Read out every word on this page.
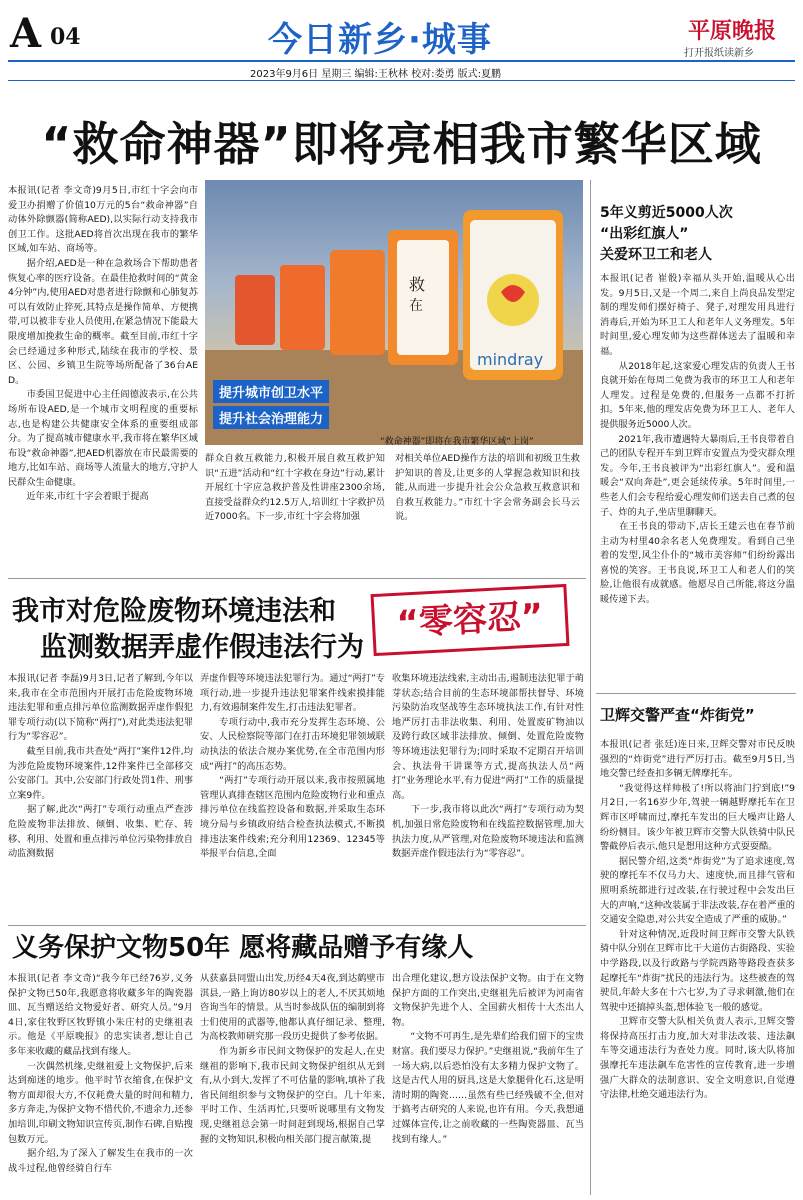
A 04	今日新乡·城事	平原晚报
打开报纸读新乡
2023年9月6日 星期三 编辑:王秋林 校对:娄勇 版式:夏鹏
“救命神器”即将亮相我市繁华区域
mindray
救
在
提升城市创卫水平
提升社会治理能力
“救命神器”即将在我市繁华区域“上岗”
本报讯(记者 李文奇)9月5日,市红十字会向市爱卫办捐赠了价值10万元的5台“救命神器”自动体外除颤器(简称AED),以实际行动支持我市创卫工作。这批AED将首次出现在我市的繁华区域,如车站、商场等。
　　据介绍,AED是一种在急救场合下帮助患者恢复心率的医疗设备。在最佳抢救时间的“黄金4分钟”内,使用AED对患者进行除颤和心肺复苏可以有效防止猝死,其特点是操作简单、方便携带,可以被非专业人员使用,在紧急情况下能最大限度增加挽救生命的概率。截至目前,市红十字会已经通过多种形式,陆续在我市的学校、景区、公园、乡镇卫生院等场所配备了36台AED。
　　市委国卫促进中心主任阎德波表示,在公共场所布设AED,是一个城市文明程度的重要标志,也是构建公共健康安全体系的重要组成部分。为了提高城市健康水平,我市将在繁华区域布设“救命神器”,把AED机器放在市民最需要的地方,比如车站、商场等人流量大的地方,守护人民群众生命健康。
　　近年来,市红十字会着眼于提高
群众自救互救能力,积极开展自救互救护知识“五进”活动和“红十字救在身边”行动,累计开展红十字应急救护普及性讲座2300余场,直接受益群众约12.5万人,培训红十字救护员近7000名。下一步,市红十字会将加强
对相关单位AED操作方法的培训和初级卫生救护知识的普及,让更多的人掌握急救知识和技能,从而进一步提升社会公众急救互救意识和自救互救能力。”市红十字会常务副会长马云说。
5年义剪近5000人次
“出彩红旗人”
关爱环卫工和老人
本报讯(记者 崔骰)幸福从头开始,温暖从心出发。9月5日,又是一个周二,来自上尚良品发型定制的理发师们摆好椅子、凳子,对理发用具进行消毒后,开始为环卫工人和老年人义务理发。5年时间里,爱心理发师为这些群体送去了温暖和幸福。
　　从2018年起,这家爱心理发店的负责人王书良就开始在每周二免费为我市的环卫工人和老年人理发。过程是免费的,但服务一点都不打折扣。5年来,他的理发店免费为环卫工人、老年人提供服务近5000人次。
　　2021年,我市遭遇特大暴雨后,王书良带着自己的团队专程开车到卫辉市安置点为受灾群众理发。今年,王书良被评为“出彩红旗人”。爱和温暖会“双向奔赴”,更会延续传承。5年时间里,一些老人们会专程给爱心理发师们送去自己煮的包子、炸的丸子,坐店里聊聊天。
　　在王书良的带动下,店长王建云也在春节前主动为村里40余名老人免费理发。看到自己坐着的发型,风尘仆仆的“城市美容师”们纷纷露出喜悦的笑容。王书良说,环卫工人和老人们的笑脸,让他很有成就感。他愿尽自己所能,将这分温暖传递下去。
我市对危险废物环境违法和
监测数据弄虚作假违法行为
“零容忍”
本报讯(记者 李磊)9月3日,记者了解到,今年以来,我市在全市范围内开展打击危险废物环境违法犯罪和重点排污单位监测数据弄虚作假犯罪专项行动(以下简称“两打”),对此类违法犯罪行为“零容忍”。
　　截至目前,我市共查处“两打”案件12件,均为涉危险废物环境案件,12件案件已全部移交公安部门。其中,公安部门行政处罚1件、刑事立案9件。
　　据了解,此次“两打”专项行动重点严查涉危险废物非法排放、倾倒、收集、贮存、转移、利用、处置和重点排污单位污染物排放自动监测数据
弄虚作假等环境违法犯罪行为。通过“两打”专项行动,进一步提升违法犯罪案件线索摸排能力,有效遏制案件发生,打击违法犯罪者。
　　专项行动中,我市充分发挥生态环境、公安、人民检察院等部门在打击环境犯罪领域联动执法的依法合规办案优势,在全市范围内形成“两打”的高压态势。
　　“两打”专项行动开展以来,我市按照属地管理认真排查辖区范围内危险废物行业和重点排污单位在线监控设备和数据,并采取生态环境分局与乡镇政府结合检查执法模式,不断摸排违法案件线索;充分利用12369、12345等举报平台信息,全面
收集环境违法线索,主动出击,遏制违法犯罪于萌芽状态;结合目前的生态环境部帮扶督导、环境污染防治攻坚战等生态环境执法工作,有针对性地严厉打击非法收集、利用、处置废矿物油以及跨行政区域非法排放、倾倒、处置危险废物等环境违法犯罪行为;同时采取不定期召开培训会、执法骨干讲课等方式,提高执法人员“两打”业务理论水平,有力促进“两打”工作的质量提高。
　　下一步,我市将以此次“两打”专项行动为契机,加强日常危险废物和在线监控数据管理,加大执法力度,从严管理,对危险废物环境违法和监测数据弄虚作假违法行为“零容忍”。
卫辉交警严查“炸街党”
本报讯(记者 张廷)连日来,卫辉交警对市民反映强烈的“炸街党”进行严厉打击。截至9月5日,当地交警已经查扣多辆无牌摩托车。
　　“我觉得这样帅极了!所以将油门拧到底!”9月2日,一名16岁少年,驾驶一辆越野摩托车在卫辉市区呼啸而过,摩托车发出的巨大噪声让路人纷纷侧目。该少年被卫辉市交警大队铁骑中队民警截停后表示,他只是想用这种方式耍耍酷。
　　据民警介绍,这类“炸街党”为了追求速度,驾驶的摩托车不仅马力大、速度快,而且排气管和照明系统都进行过改装,在行驶过程中会发出巨大的声响,“这种改装属于非法改装,存在着严重的交通安全隐患,对公共安全造成了严重的威胁。”
　　针对这种情况,近段时间卫辉市交警大队铁骑中队分别在卫辉市比干大道仿古街路段、实验中学路段,以及行政路与学院西路等路段查获多起摩托车“炸街”扰民的违法行为。这些被查的驾驶员,年龄大多在十六七岁,为了寻求刺激,他们在驾驶中还搞掉头盔,想体验飞一般的感觉。
　　卫辉市交警大队相关负责人表示,卫辉交警将保持高压打击力度,加大对非法改装、违法飙车等交通违法行为查处力度。同时,该大队将加强摩托车违法飙车危害性的宣传教育,进一步增强广大群众的法制意识、安全文明意识,自觉遵守法律,杜绝交通违法行为。
义务保护文物50年 愿将藏品赠予有缘人
本报讯(记者 李文奇)“我今年已经76岁,义务保护文物已50年,我愿意将收藏多年的陶瓷器皿、瓦当赠送给文物爱好者、研究人员。”9月4日,家住牧野区牧野镇小朱庄村的史继祖表示。他是《平原晚报》的忠实读者,想让自己多年来收藏的藏品找到有缘人。
　　一次偶然机缘,史继祖爱上文物保护,后来达到痴迷的地步。他平时节衣缩食,在保护文物方面却很大方,不仅耗费大量的时间和精力,多方奔走,为保护文物不惜代价,不遗余力,还参加培训,印刷文物知识宣传页,制作石碑,自贴搜包数万元。
　　据介绍,为了深入了解发生在我市的一次战斗过程,他曾经骑自行车
从获嘉县同盟山出发,历经4天4夜,到达鹤壁市淇县,一路上询访80岁以上的老人,不厌其烦地咨询当年的情景。从当时参战队伍的编制到将士们使用的武器等,他都认真仔细记录、整理,为高校教师研究那一段历史提供了参考依据。
　　作为新乡市民间文物保护的发起人,在史继祖的影响下,我市民间文物保护组织从无到有,从小到大,发挥了不可估量的影响,填补了我省民间组织参与文物保护的空白。几十年来,平时工作、生活再忙,只要听说哪里有文物发现,史继祖总会第一时间赶到现场,根据自己掌握的文物知识,积极向相关部门提言献策,提
出合理化建议,想方设法保护文物。由于在文物保护方面的工作突出,史继祖先后被评为河南省文物保护先进个人、全国薪火相传十大杰出人物。
　　“文物不可再生,是先辈们给我们留下的宝贵财富。我们要尽力保护。”史继祖说,“我前年生了一场大病,以后恐怕没有太多精力保护文物了。这是古代人用的厨具,这是大象腿骨化石,这是明清时期的陶瓷……虽然有些已经残破不全,但对于搞考古研究的人来说,也许有用。今天,我想通过媒体宣传,让之前收藏的一些陶瓷器皿、瓦当找到有缘人。”
